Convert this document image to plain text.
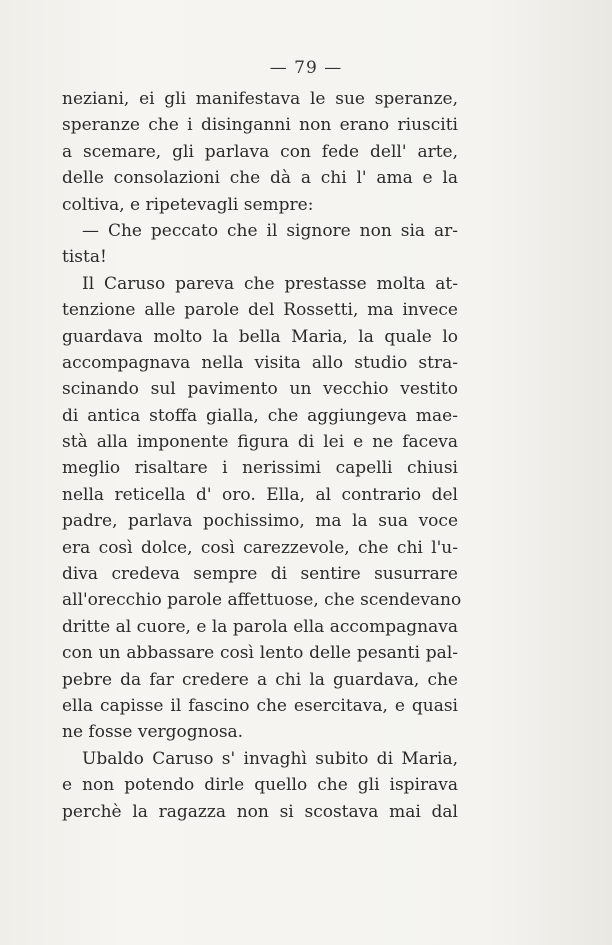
— 79 —
neziani, ei gli manifestava le sue speranze,
speranze che i disinganni non erano riusciti
a scemare, gli parlava con fede dell' arte,
delle consolazioni che dà a chi l' ama e la
coltiva, e ripetevagli sempre:
— Che peccato che il signore non sia ar-
tista!
Il Caruso pareva che prestasse molta at-
tenzione alle parole del Rossetti, ma invece
guardava molto la bella Maria, la quale lo
accompagnava nella visita allo studio stra-
scinando sul pavimento un vecchio vestito
di antica stoffa gialla, che aggiungeva mae-
stà alla imponente figura di lei e ne faceva
meglio risaltare i nerissimi capelli chiusi
nella reticella d' oro. Ella, al contrario del
padre, parlava pochissimo, ma la sua voce
era così dolce, così carezzevole, che chi l'u-
diva credeva sempre di sentire susurrare
all'orecchio parole affettuose, che scendevano
dritte al cuore, e la parola ella accompagnava
con un abbassare così lento delle pesanti pal-
pebre da far credere a chi la guardava, che
ella capisse il fascino che esercitava, e quasi
ne fosse vergognosa.
Ubaldo Caruso s' invaghì subito di Maria,
e non potendo dirle quello che gli ispirava
perchè la ragazza non si scostava mai dal
